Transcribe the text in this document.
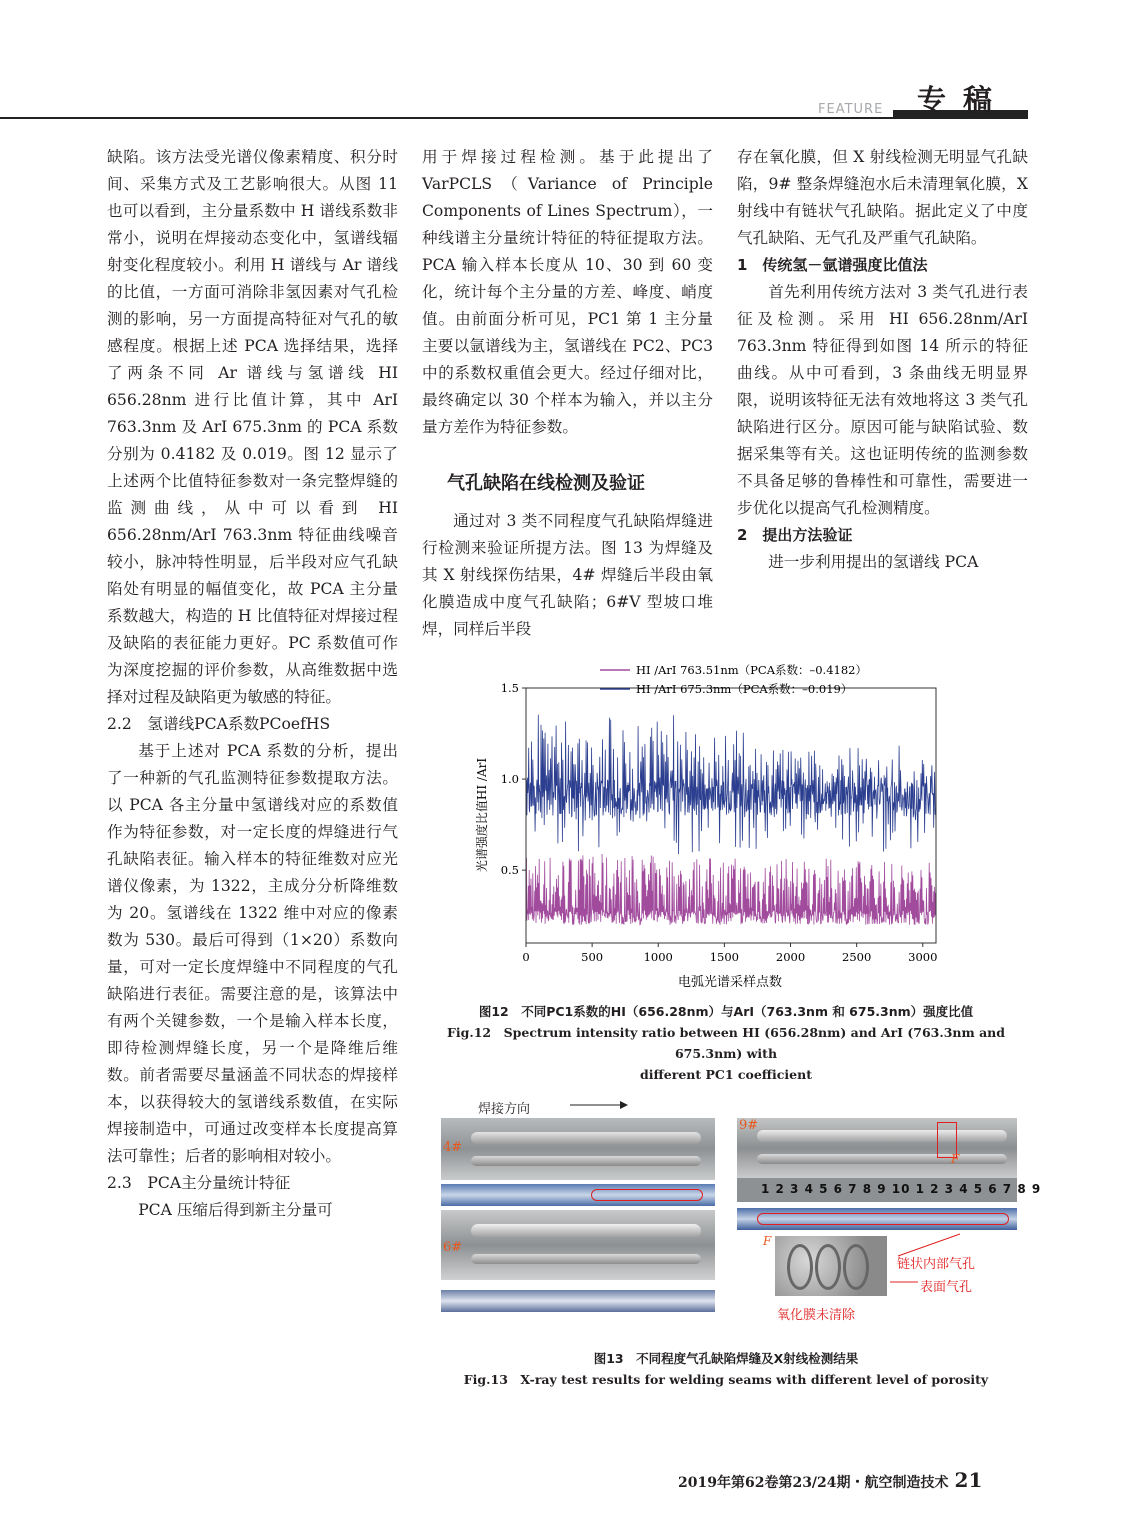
FEATURE 专稿

缺陷。该方法受光谱仪像素精度、积分时间、采集方式及工艺影响很大。从图 11 也可以看到，主分量系数中 H 谱线系数非常小，说明在焊接动态变化中，氢谱线辐射变化程度较小。利用 H 谱线与 Ar 谱线的比值，一方面可消除非氢因素对气孔检测的影响，另一方面提高特征对气孔的敏感程度。根据上述 PCA 选择结果，选择了两条不同 Ar 谱线与氢谱线 HI 656.28nm 进行比值计算，其中 ArI 763.3nm 及 ArI 675.3nm 的 PCA 系数分别为 0.4182 及 0.019。图 12 显示了上述两个比值特征参数对一条完整焊缝的监测曲线，从中可以看到 HI 656.28nm/ArI 763.3nm 特征曲线噪音较小，脉冲特性明显，后半段对应气孔缺陷处有明显的幅值变化，故 PCA 主分量系数越大，构造的 H 比值特征对焊接过程及缺陷的表征能力更好。PC 系数值可作为深度挖掘的评价参数，从高维数据中选择对过程及缺陷更为敏感的特征。

2.2　氢谱线PCA系数PCoefHS

基于上述对 PCA 系数的分析，提出了一种新的气孔监测特征参数提取方法。以 PCA 各主分量中氢谱线对应的系数值作为特征参数，对一定长度的焊缝进行气孔缺陷表征。输入样本的特征维数对应光谱仪像素，为 1322，主成分分析降维数为 20。氢谱线在 1322 维中对应的像素数为 530。最后可得到（1×20）系数向量，可对一定长度焊缝中不同程度的气孔缺陷进行表征。需要注意的是，该算法中有两个关键参数，一个是输入样本长度，即待检测焊缝长度，另一个是降维后维数。前者需要尽量涵盖不同状态的焊接样本，以获得较大的氢谱线系数值，在实际焊接制造中，可通过改变样本长度提高算法可靠性；后者的影响相对较小。

2.3　PCA主分量统计特征

PCA 压缩后得到新主分量可

用于焊接过程检测。基于此提出了 VarPCLS（Variance of Principle Components of Lines Spectrum），一种线谱主分量统计特征的特征提取方法。PCA 输入样本长度从 10、30 到 60 变化，统计每个主分量的方差、峰度、峭度值。由前面分析可见，PC1 第 1 主分量主要以氩谱线为主，氢谱线在 PC2、PC3 中的系数权重值会更大。经过仔细对比，最终确定以 30 个样本为输入，并以主分量方差作为特征参数。

气孔缺陷在线检测及验证

通过对 3 类不同程度气孔缺陷焊缝进行检测来验证所提方法。图 13 为焊缝及其 X 射线探伤结果，4# 焊缝后半段由氧化膜造成中度气孔缺陷；6#V 型坡口堆焊，同样后半段

存在氧化膜，但 X 射线检测无明显气孔缺陷，9# 整条焊缝泡水后未清理氧化膜，X 射线中有链状气孔缺陷。据此定义了中度气孔缺陷、无气孔及严重气孔缺陷。

1　传统氢－氩谱强度比值法

首先利用传统方法对 3 类气孔进行表征及检测。采用 HI 656.28nm/ArI 763.3nm 特征得到如图 14 所示的特征曲线。从中可看到，3 条曲线无明显界限，说明该特征无法有效地将这 3 类气孔缺陷进行区分。原因可能与缺陷试验、数据采集等有关。这也证明传统的监测参数不具备足够的鲁棒性和可靠性，需要进一步优化以提高气孔检测精度。

2　提出方法验证

进一步利用提出的氢谱线 PCA

0	500	1000	1500	2000	2500	3000
0.5
1.0
1.5
光谱强度比值HI /ArI
电弧光谱采样点数
HI /ArI 763.51nm（PCA系数：–0.4182）
HI /ArI 675.3nm（PCA系数：–0.019）
图12　不同PC1系数的HI（656.28nm）与ArI（763.3nm 和 675.3nm）强度比值
Fig.12　Spectrum intensity ratio between HI (656.28nm) and ArI (763.3nm and 675.3nm) with
different PC1 coefficient
焊接方向
4#
6#
9#
F
1 2 3 4 5 6 7 8 9 10 1 2 3 4 5 6 7 8 9
F
链状内部气孔
表面气孔
氧化膜未清除
图13　不同程度气孔缺陷焊缝及X射线检测结果
Fig.13　X-ray test results for welding seams with different level of porosity
2019年第62卷第23/24期・航空制造技术 21
